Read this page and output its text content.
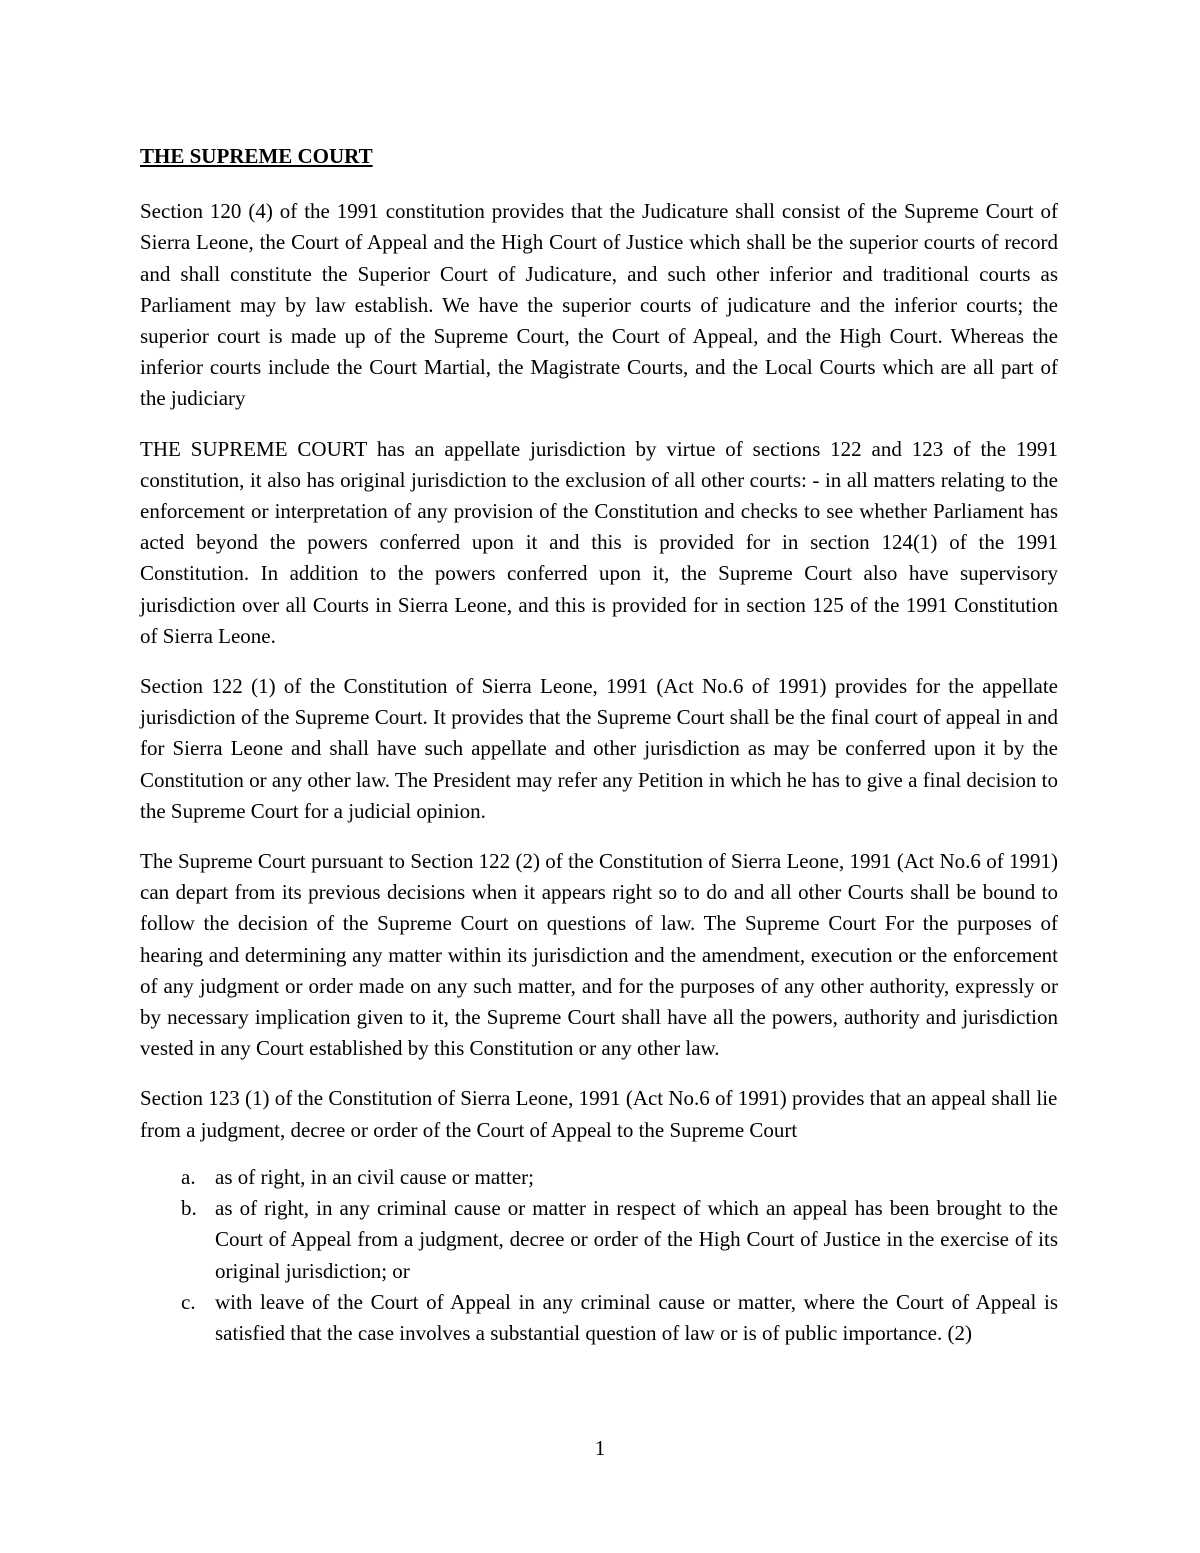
THE SUPREME COURT

Section 120 (4) of the 1991 constitution provides that the Judicature shall consist of the Supreme Court of Sierra Leone, the Court of Appeal and the High Court of Justice which shall be the superior courts of record and shall constitute the Superior Court of Judicature, and such other inferior and traditional courts as Parliament may by law establish. We have the superior courts of judicature and the inferior courts; the superior court is made up of the Supreme Court, the Court of Appeal, and the High Court. Whereas the inferior courts include the Court Martial, the Magistrate Courts, and the Local Courts which are all part of the judiciary

THE SUPREME COURT has an appellate jurisdiction by virtue of sections 122 and 123 of the 1991 constitution, it also has original jurisdiction to the exclusion of all other courts: - in all matters relating to the enforcement or interpretation of any provision of the Constitution and checks to see whether Parliament has acted beyond the powers conferred upon it and this is provided for in section 124(1) of the 1991 Constitution. In addition to the powers conferred upon it, the Supreme Court also have supervisory jurisdiction over all Courts in Sierra Leone, and this is provided for in section 125 of the 1991 Constitution of Sierra Leone.

Section 122 (1) of the Constitution of Sierra Leone, 1991 (Act No.6 of 1991) provides for the appellate jurisdiction of the Supreme Court. It provides that the Supreme Court shall be the final court of appeal in and for Sierra Leone and shall have such appellate and other jurisdiction as may be conferred upon it by the Constitution or any other law. The President may refer any Petition in which he has to give a final decision to the Supreme Court for a judicial opinion.

The Supreme Court pursuant to Section 122 (2) of the Constitution of Sierra Leone, 1991 (Act No.6 of 1991) can depart from its previous decisions when it appears right so to do and all other Courts shall be bound to follow the decision of the Supreme Court on questions of law. The Supreme Court For the purposes of hearing and determining any matter within its jurisdiction and the amendment, execution or the enforcement of any judgment or order made on any such matter, and for the purposes of any other authority, expressly or by necessary implication given to it, the Supreme Court shall have all the powers, authority and jurisdiction vested in any Court established by this Constitution or any other law.

Section 123 (1) of the Constitution of Sierra Leone, 1991 (Act No.6 of 1991) provides that an appeal shall lie from a judgment, decree or order of the Court of Appeal to the Supreme Court

a. as of right, in an civil cause or matter;
b. as of right, in any criminal cause or matter in respect of which an appeal has been brought to the Court of Appeal from a judgment, decree or order of the High Court of Justice in the exercise of its original jurisdiction; or
c. with leave of the Court of Appeal in any criminal cause or matter, where the Court of Appeal is satisfied that the case involves a substantial question of law or is of public importance. (2)
1
